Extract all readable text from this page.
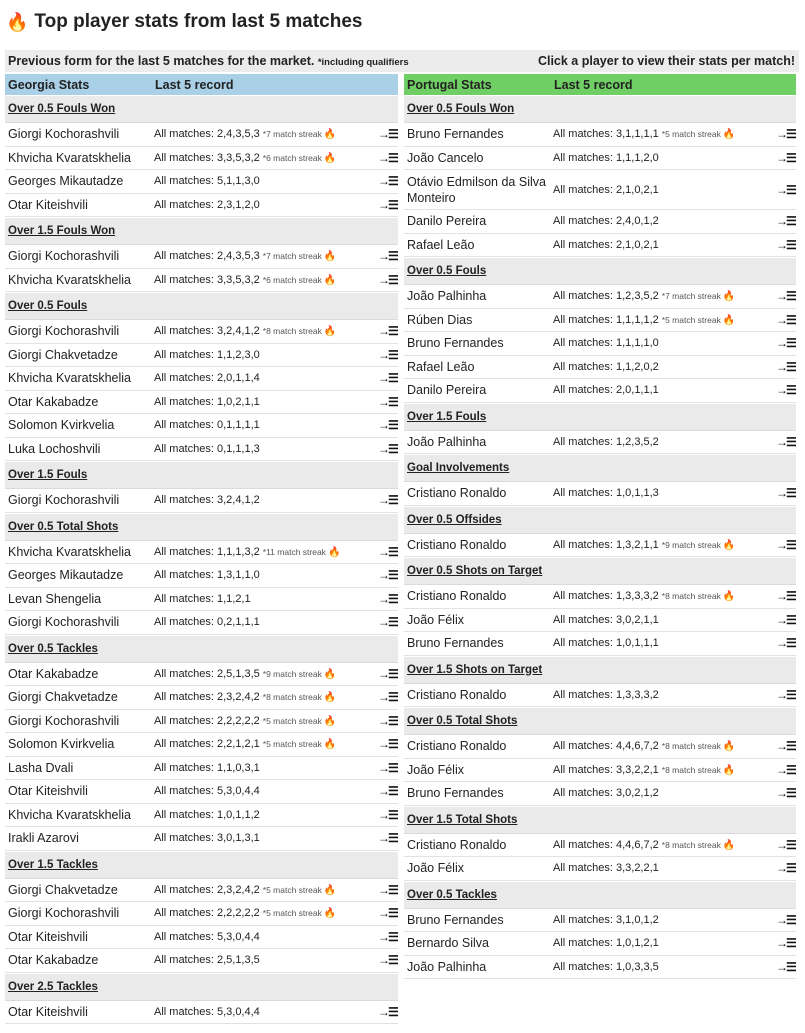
🔥 Top player stats from last 5 matches
Previous form for the last 5 matches for the market. *including qualifiers	Click a player to view their stats per match!
Georgia Stats	Last 5 record
Over 0.5 Fouls Won
Giorgi Kochorashvili	All matches: 2,4,3,5,3 *7 match streak 🔥	→☰
Khvicha Kvaratskhelia	All matches: 3,3,5,3,2 *6 match streak 🔥	→☰
Georges Mikautadze	All matches: 5,1,1,3,0	→☰
Otar Kiteishvili	All matches: 2,3,1,2,0	→☰
Over 1.5 Fouls Won
Giorgi Kochorashvili	All matches: 2,4,3,5,3 *7 match streak 🔥	→☰
Khvicha Kvaratskhelia	All matches: 3,3,5,3,2 *6 match streak 🔥	→☰
Over 0.5 Fouls
Giorgi Kochorashvili	All matches: 3,2,4,1,2 *8 match streak 🔥	→☰
Giorgi Chakvetadze	All matches: 1,1,2,3,0	→☰
Khvicha Kvaratskhelia	All matches: 2,0,1,1,4	→☰
Otar Kakabadze	All matches: 1,0,2,1,1	→☰
Solomon Kvirkvelia	All matches: 0,1,1,1,1	→☰
Luka Lochoshvili	All matches: 0,1,1,1,3	→☰
Over 1.5 Fouls
Giorgi Kochorashvili	All matches: 3,2,4,1,2	→☰
Over 0.5 Total Shots
Khvicha Kvaratskhelia	All matches: 1,1,1,3,2 *11 match streak 🔥	→☰
Georges Mikautadze	All matches: 1,3,1,1,0	→☰
Levan Shengelia	All matches: 1,1,2,1	→☰
Giorgi Kochorashvili	All matches: 0,2,1,1,1	→☰
Over 0.5 Tackles
Otar Kakabadze	All matches: 2,5,1,3,5 *9 match streak 🔥	→☰
Giorgi Chakvetadze	All matches: 2,3,2,4,2 *8 match streak 🔥	→☰
Giorgi Kochorashvili	All matches: 2,2,2,2,2 *5 match streak 🔥	→☰
Solomon Kvirkvelia	All matches: 2,2,1,2,1 *5 match streak 🔥	→☰
Lasha Dvali	All matches: 1,1,0,3,1	→☰
Otar Kiteishvili	All matches: 5,3,0,4,4	→☰
Khvicha Kvaratskhelia	All matches: 1,0,1,1,2	→☰
Irakli Azarovi	All matches: 3,0,1,3,1	→☰
Over 1.5 Tackles
Giorgi Chakvetadze	All matches: 2,3,2,4,2 *5 match streak 🔥	→☰
Giorgi Kochorashvili	All matches: 2,2,2,2,2 *5 match streak 🔥	→☰
Otar Kiteishvili	All matches: 5,3,0,4,4	→☰
Otar Kakabadze	All matches: 2,5,1,3,5	→☰
Over 2.5 Tackles
Otar Kiteishvili	All matches: 5,3,0,4,4	→☰
Portugal Stats	Last 5 record
Over 0.5 Fouls Won
Bruno Fernandes	All matches: 3,1,1,1,1 *5 match streak 🔥	→☰
João Cancelo	All matches: 1,1,1,2,0	→☰
Otávio Edmilson da Silva Monteiro
All matches: 2,1,0,2,1	→☰
Danilo Pereira	All matches: 2,4,0,1,2	→☰
Rafael Leão	All matches: 2,1,0,2,1	→☰
Over 0.5 Fouls
João Palhinha	All matches: 1,2,3,5,2 *7 match streak 🔥	→☰
Rúben Dias	All matches: 1,1,1,1,2 *5 match streak 🔥	→☰
Bruno Fernandes	All matches: 1,1,1,1,0	→☰
Rafael Leão	All matches: 1,1,2,0,2	→☰
Danilo Pereira	All matches: 2,0,1,1,1	→☰
Over 1.5 Fouls
João Palhinha	All matches: 1,2,3,5,2	→☰
Goal Involvements
Cristiano Ronaldo	All matches: 1,0,1,1,3	→☰
Over 0.5 Offsides
Cristiano Ronaldo	All matches: 1,3,2,1,1 *9 match streak 🔥	→☰
Over 0.5 Shots on Target
Cristiano Ronaldo	All matches: 1,3,3,3,2 *8 match streak 🔥	→☰
João Félix	All matches: 3,0,2,1,1	→☰
Bruno Fernandes	All matches: 1,0,1,1,1	→☰
Over 1.5 Shots on Target
Cristiano Ronaldo	All matches: 1,3,3,3,2	→☰
Over 0.5 Total Shots
Cristiano Ronaldo	All matches: 4,4,6,7,2 *8 match streak 🔥	→☰
João Félix	All matches: 3,3,2,2,1 *8 match streak 🔥	→☰
Bruno Fernandes	All matches: 3,0,2,1,2	→☰
Over 1.5 Total Shots
Cristiano Ronaldo	All matches: 4,4,6,7,2 *8 match streak 🔥	→☰
João Félix	All matches: 3,3,2,2,1	→☰
Over 0.5 Tackles
Bruno Fernandes	All matches: 3,1,0,1,2	→☰
Bernardo Silva	All matches: 1,0,1,2,1	→☰
João Palhinha	All matches: 1,0,3,3,5	→☰
